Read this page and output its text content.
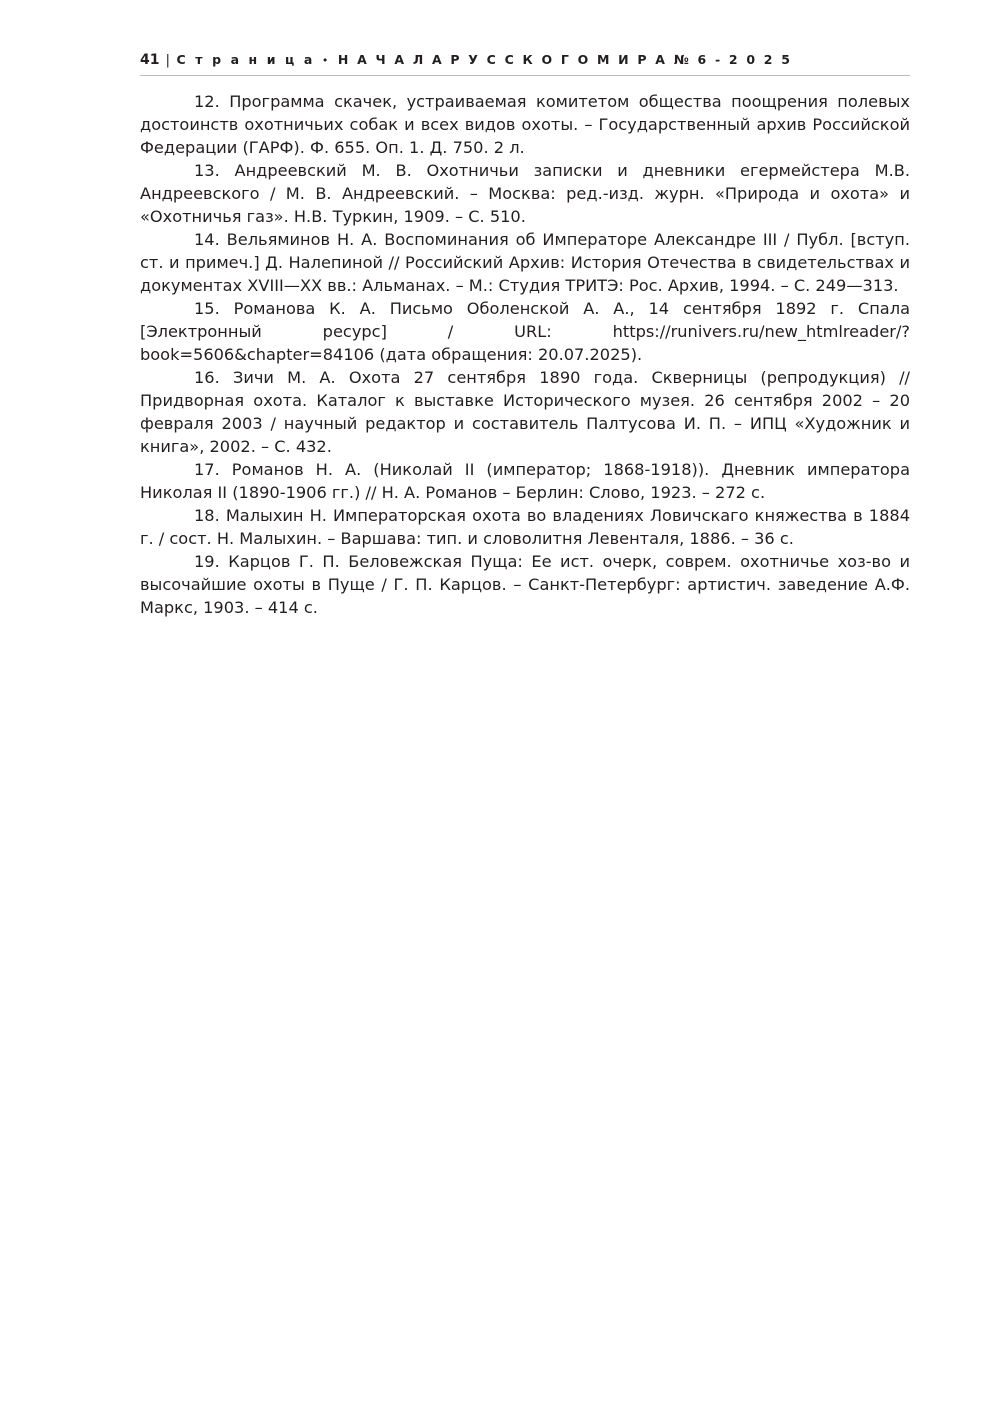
41 | С т р а н и ц а • Н А Ч А Л А Р У С С К О Г О М И Р А № 6 - 2 0 2 5

12. Программа скачек, устраиваемая комитетом общества поощрения полевых достоинств охотничьих собак и всех видов охоты. – Государственный архив Российской Федерации (ГАРФ). Ф. 655. Оп. 1. Д. 750. 2 л.

13. Андреевский М. В. Охотничьи записки и дневники егермейстера М.В. Андреевского / М. В. Андреевский. – Москва: ред.-изд. журн. «Природа и охота» и «Охотничья газ». Н.В. Туркин, 1909. – С. 510.

14. Вельяминов Н. А. Воспоминания об Императоре Александре III / Публ. [вступ. ст. и примеч.] Д. Налепиной // Российский Архив: История Отечества в свидетельствах и документах XVIII—XX вв.: Альманах. – М.: Студия ТРИТЭ: Рос. Архив, 1994. – С. 249—313.

15. Романова К. А. Письмо Оболенской А. А., 14 сентября 1892 г. Спала [Электронный ресурс] / URL: https://runivers.ru/new_htmlreader/?book=5606&chapter=84106 (дата обращения: 20.07.2025).

16. Зичи М. А. Охота 27 сентября 1890 года. Скверницы (репродукция) // Придворная охота. Каталог к выставке Исторического музея. 26 сентября 2002 – 20 февраля 2003 / научный редактор и составитель Палтусова И. П. – ИПЦ «Художник и книга», 2002. – С. 432.

17. Романов Н. А. (Николай II (император; 1868-1918)). Дневник императора Николая II (1890-1906 гг.) // Н. А. Романов – Берлин: Слово, 1923. – 272 с.

18. Малыхин Н. Императорская охота во владениях Ловичскаго княжества в 1884 г. / сост. Н. Малыхин. – Варшава: тип. и словолитня Левенталя, 1886. – 36 с.

19. Карцов Г. П. Беловежская Пуща: Ее ист. очерк, соврем. охотничье хоз-во и высочайшие охоты в Пуще / Г. П. Карцов. – Санкт-Петербург: артистич. заведение А.Ф. Маркс, 1903. – 414 с.
